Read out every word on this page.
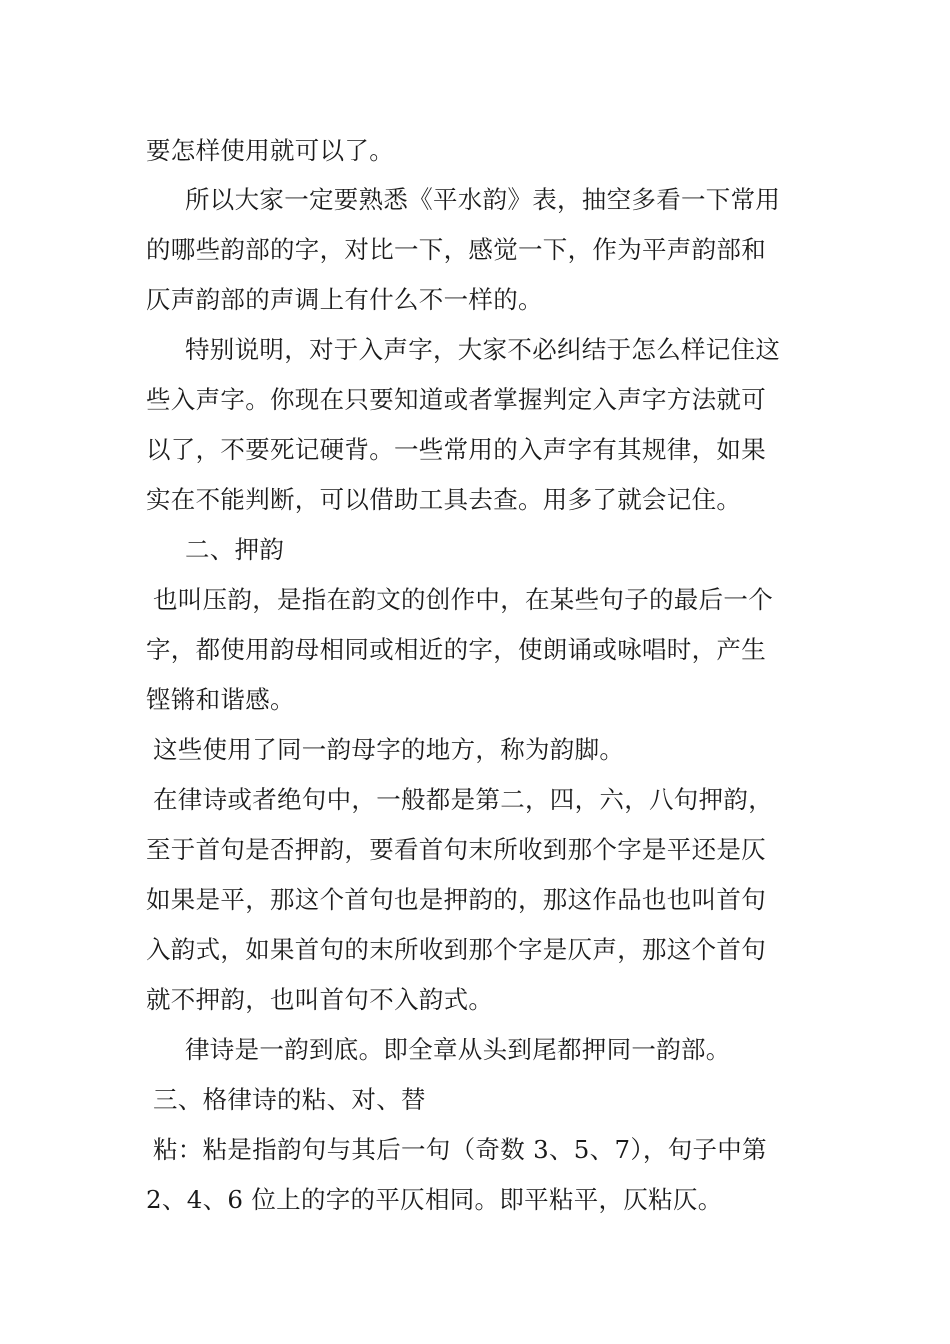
要怎样使用就可以了。
所以大家一定要熟悉《平水韵》表，抽空多看一下常用
的哪些韵部的字，对比一下，感觉一下，作为平声韵部和
仄声韵部的声调上有什么不一样的。
特别说明，对于入声字，大家不必纠结于怎么样记住这
些入声字。你现在只要知道或者掌握判定入声字方法就可
以了，不要死记硬背。一些常用的入声字有其规律，如果
实在不能判断，可以借助工具去查。用多了就会记住。
二、押韵
也叫压韵，是指在韵文的创作中，在某些句子的最后一个
字，都使用韵母相同或相近的字，使朗诵或咏唱时，产生
铿锵和谐感。
这些使用了同一韵母字的地方，称为韵脚。
在律诗或者绝句中，一般都是第二，四，六，八句押韵，
至于首句是否押韵，要看首句末所收到那个字是平还是仄
如果是平，那这个首句也是押韵的，那这作品也也叫首句
入韵式，如果首句的末所收到那个字是仄声，那这个首句
就不押韵，也叫首句不入韵式。
律诗是一韵到底。即全章从头到尾都押同一韵部。
三、格律诗的粘、对、替
粘：粘是指韵句与其后一句（奇数 3、5、7），句子中第
2、4、6 位上的字的平仄相同。即平粘平，仄粘仄。
